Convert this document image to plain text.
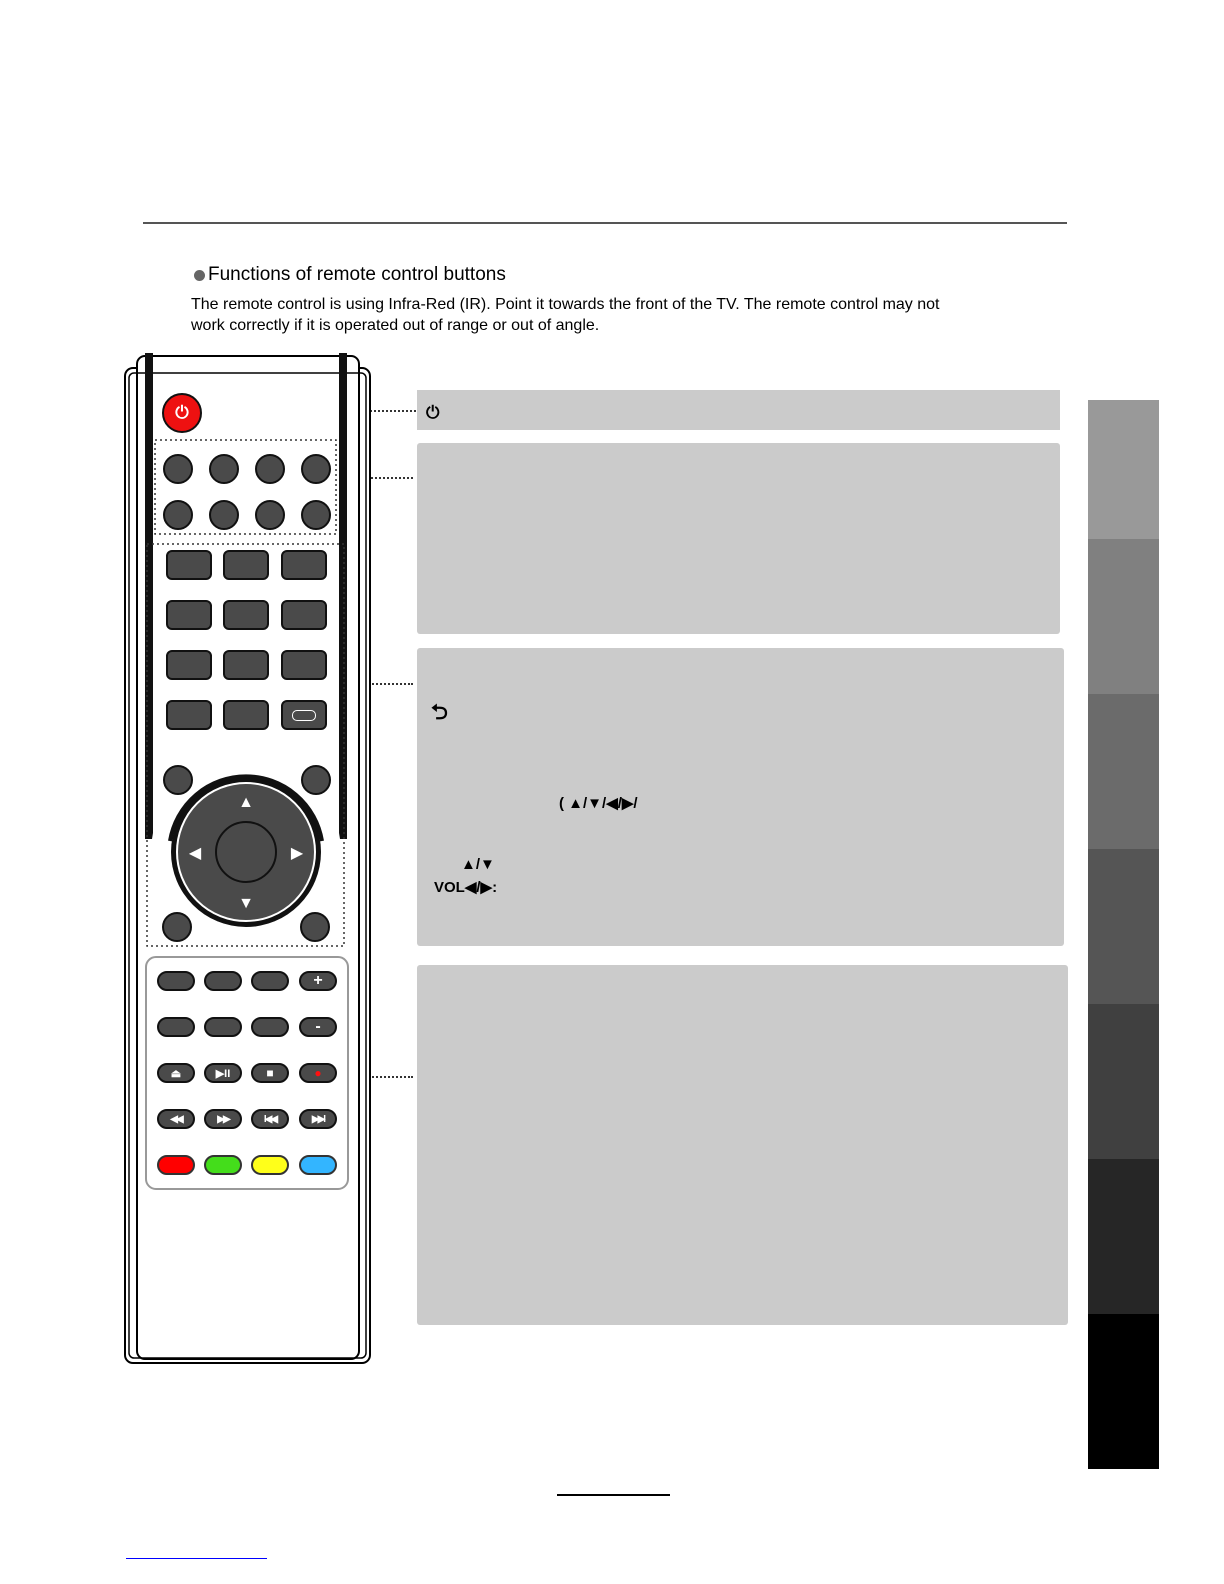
Functions of remote control buttons
The remote control is using Infra-Red (IR). Point it towards the front of the TV. The remote control may not
work correctly if it is operated out of range or out of angle.
⏻
⮌
( ▲/▼/◀/▶/
▲/▼
VOL◀/▶:
⏻
▲
▼
◀	▶
+
-
⏏	▶II	■	●
◀◀	▶▶	I◀◀	▶▶I
